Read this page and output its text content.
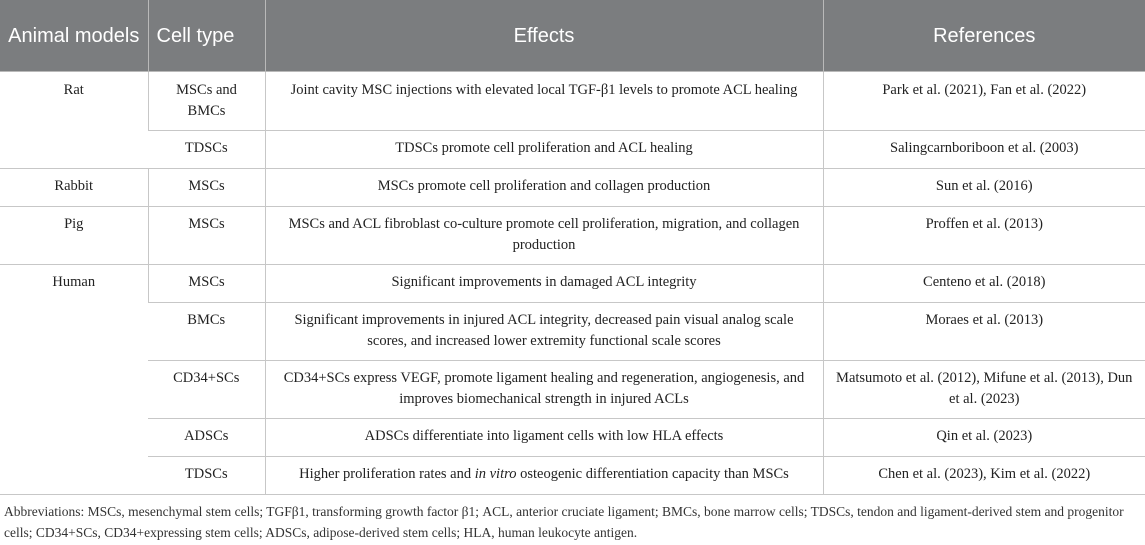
Animal models	Cell type	Effects	References
Rat	MSCs and BMCs	Joint cavity MSC injections with elevated local TGF-β1 levels to promote ACL healing	Park et al. (2021), Fan et al. (2022)
	TDSCs	TDSCs promote cell proliferation and ACL healing	Salingcarnboriboon et al. (2003)
Rabbit	MSCs	MSCs promote cell proliferation and collagen production	Sun et al. (2016)
Pig	MSCs	MSCs and ACL fibroblast co-culture promote cell proliferation, migration, and collagen production	Proffen et al. (2013)
Human	MSCs	Significant improvements in damaged ACL integrity	Centeno et al. (2018)
	BMCs	Significant improvements in injured ACL integrity, decreased pain visual analog scale scores, and increased lower extremity functional scale scores	Moraes et al. (2013)
	CD34+SCs	CD34+SCs express VEGF, promote ligament healing and regeneration, angiogenesis, and improves biomechanical strength in injured ACLs	Matsumoto et al. (2012), Mifune et al. (2013), Dun et al. (2023)
	ADSCs	ADSCs differentiate into ligament cells with low HLA effects	Qin et al. (2023)
	TDSCs	Higher proliferation rates and in vitro osteogenic differentiation capacity than MSCs	Chen et al. (2023), Kim et al. (2022)
Abbreviations: MSCs, mesenchymal stem cells; TGFβ1, transforming growth factor β1; ACL, anterior cruciate ligament; BMCs, bone marrow cells; TDSCs, tendon and ligament-derived stem and progenitor cells; CD34+SCs, CD34+expressing stem cells; ADSCs, adipose-derived stem cells; HLA, human leukocyte antigen.
